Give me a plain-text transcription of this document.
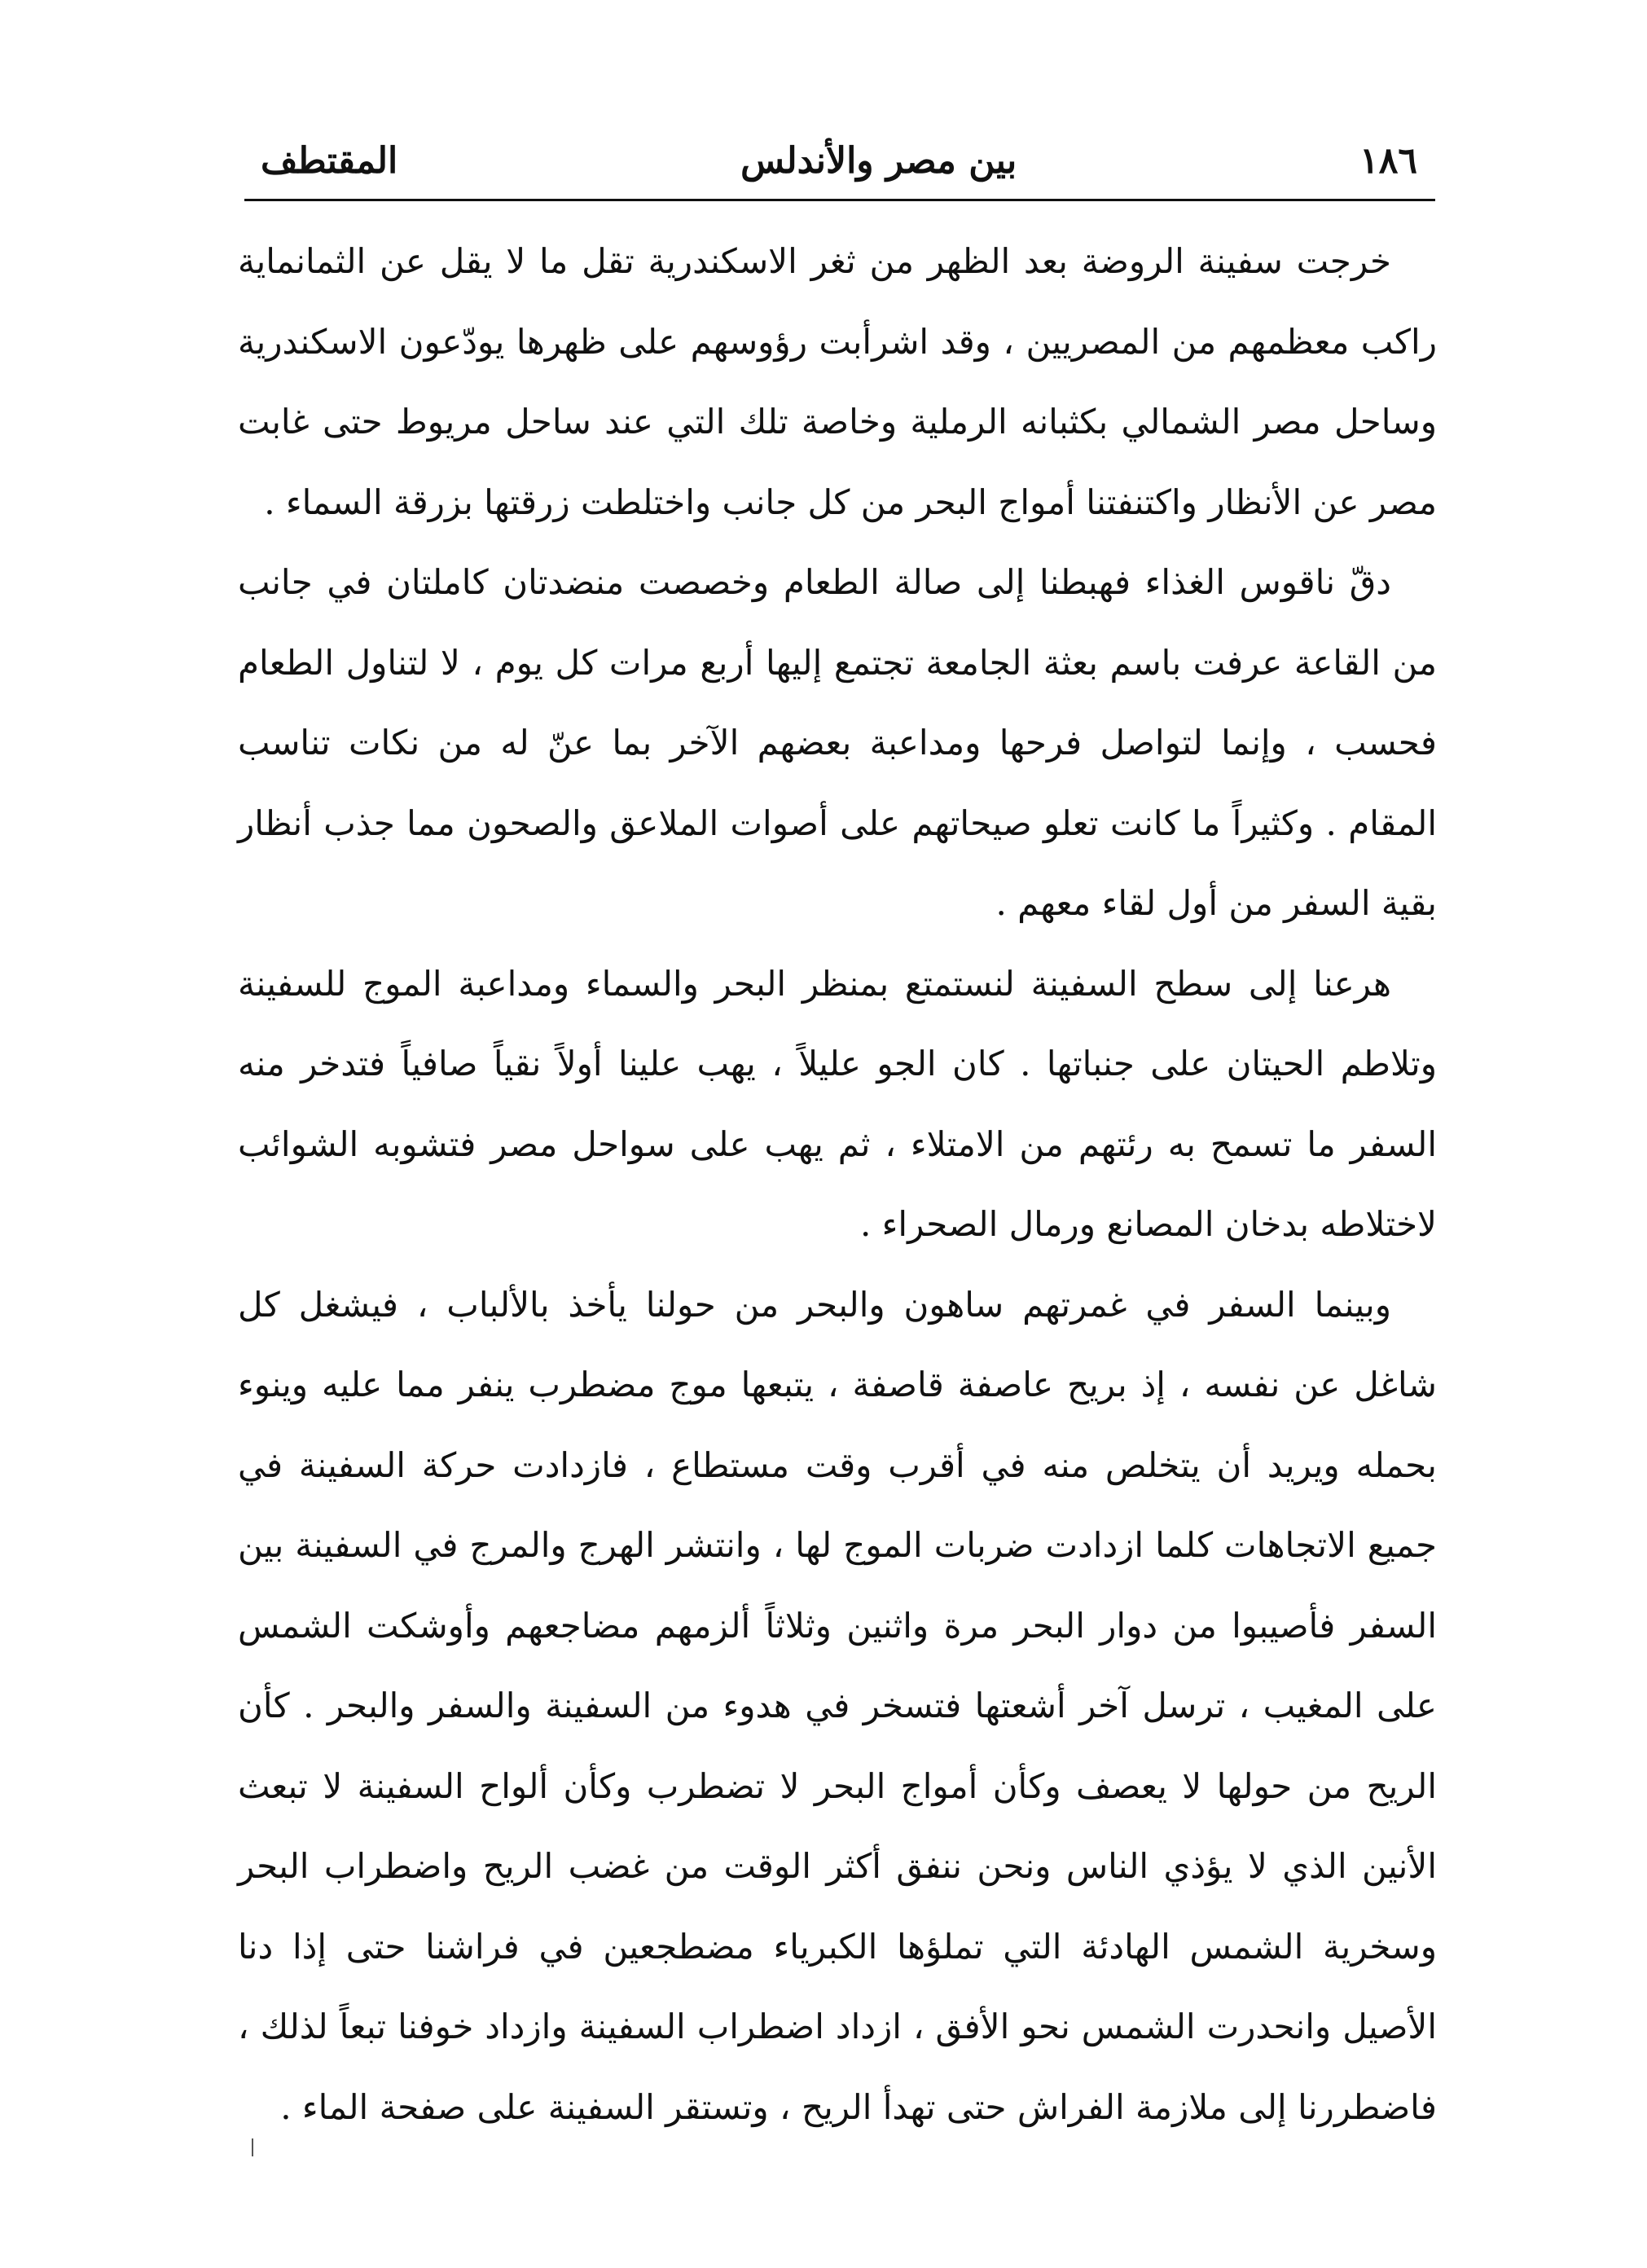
١٨٦
بين مصر والأندلس
المقتطف

خرجت سفينة الروضة بعد الظهر من ثغر الاسكندرية تقل ما لا يقل عن الثمانماية راكب معظمهم من المصريين ، وقد اشرأبت رؤوسهم على ظهرها يودّعون الاسكندرية وساحل مصر الشمالي بكثبانه الرملية وخاصة تلك التي عند ساحل مريوط حتى غابت مصر عن الأنظار واكتنفتنا أمواج البحر من كل جانب واختلطت زرقتها بزرقة السماء .

دقّ ناقوس الغذاء فهبطنا إلى صالة الطعام وخصصت منضدتان كاملتان في جانب من القاعة عرفت باسم بعثة الجامعة تجتمع إليها أربع مرات كل يوم ، لا لتناول الطعام فحسب ، وإنما لتواصل فرحها ومداعبة بعضهم الآخر بما عنّ له من نكات تناسب المقام . وكثيراً ما كانت تعلو صيحاتهم على أصوات الملاعق والصحون مما جذب أنظار بقية السفر من أول لقاء معهم .

هرعنا إلى سطح السفينة لنستمتع بمنظر البحر والسماء ومداعبة الموج للسفينة وتلاطم الحيتان على جنباتها . كان الجو عليلاً ، يهب علينا أولاً نقياً صافياً فتدخر منه السفر ما تسمح به رئتهم من الامتلاء ، ثم يهب على سواحل مصر فتشوبه الشوائب لاختلاطه بدخان المصانع ورمال الصحراء .

وبينما السفر في غمرتهم ساهون والبحر من حولنا يأخذ بالألباب ، فيشغل كل شاغل عن نفسه ، إذ بريح عاصفة قاصفة ، يتبعها موج مضطرب ينفر مما عليه وينوء بحمله ويريد أن يتخلص منه في أقرب وقت مستطاع ، فازدادت حركة السفينة في جميع الاتجاهات كلما ازدادت ضربات الموج لها ، وانتشر الهرج والمرج في السفينة بين السفر فأصيبوا من دوار البحر مرة واثنين وثلاثاً ألزمهم مضاجعهم وأوشكت الشمس على المغيب ، ترسل آخر أشعتها فتسخر في هدوء من السفينة والسفر والبحر . كأن الريح من حولها لا يعصف وكأن أمواج البحر لا تضطرب وكأن ألواح السفينة لا تبعث الأنين الذي لا يؤذي الناس ونحن ننفق أكثر الوقت من غضب الريح واضطراب البحر وسخرية الشمس الهادئة التي تملؤها الكبرياء مضطجعين في فراشنا حتى إذا دنا الأصيل وانحدرت الشمس نحو الأفق ، ازداد اضطراب السفينة وازداد خوفنا تبعاً لذلك ، فاضطررنا إلى ملازمة الفراش حتى تهدأ الريح ، وتستقر السفينة على صفحة الماء .
